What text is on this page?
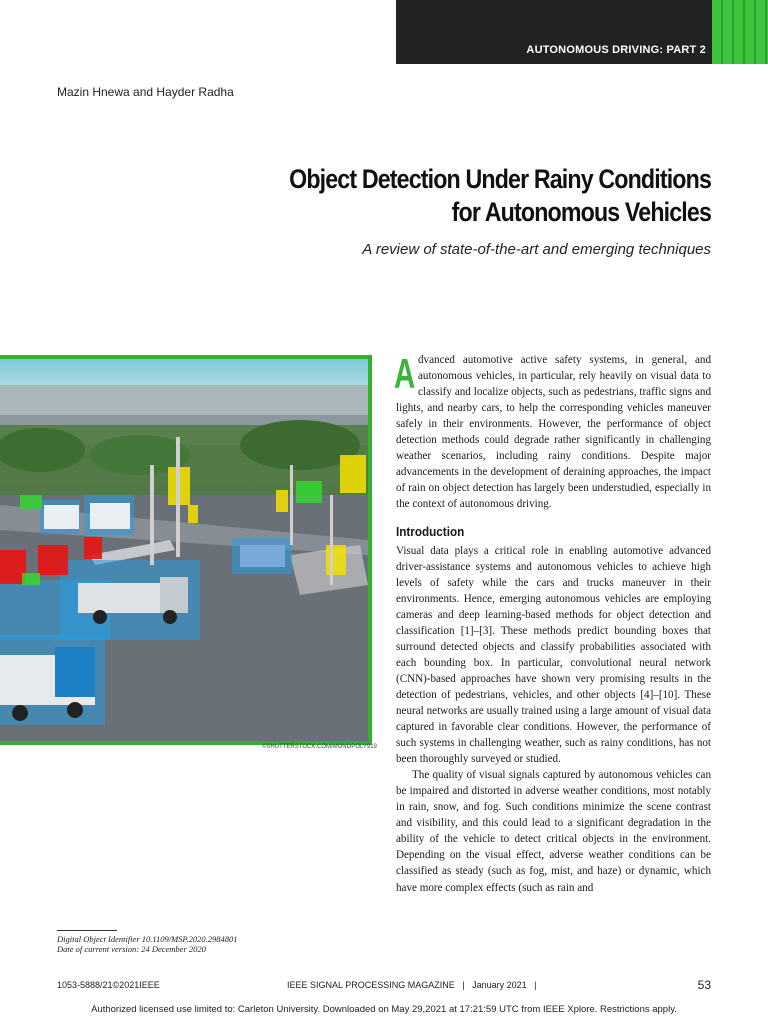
AUTONOMOUS DRIVING: PART 2
Mazin Hnewa and Hayder Radha
Object Detection Under Rainy Conditions
for Autonomous Vehicles
A review of state-of-the-art and emerging techniques
©SHUTTERSTOCK.COM/MONOPOLY919

Advanced automotive active safety systems, in general, and autonomous vehicles, in particular, rely heavily on visual data to classify and localize objects, such as pedestrians, traffic signs and lights, and nearby cars, to help the corresponding vehicles maneuver safely in their environments. However, the performance of object detection methods could degrade rather significantly in challenging weather scenarios, including rainy conditions. Despite major advancements in the development of deraining approaches, the impact of rain on object detection has largely been understudied, especially in the context of autonomous driving.

Introduction

Visual data plays a critical role in enabling automotive advanced driver-assistance systems and autonomous vehicles to achieve high levels of safety while the cars and trucks maneuver in their environments. Hence, emerging autonomous vehicles are employing cameras and deep learning-based methods for object detection and classification [1]–[3]. These methods predict bounding boxes that surround detected objects and classify probabilities associated with each bounding box. In particular, convolutional neural network (CNN)-based approaches have shown very promising results in the detection of pedestrians, vehicles, and other objects [4]–[10]. These neural networks are usually trained using a large amount of visual data captured in favorable clear conditions. However, the performance of such systems in challenging weather, such as rainy conditions, has not been thoroughly surveyed or studied.

The quality of visual signals captured by autonomous vehicles can be impaired and distorted in adverse weather conditions, most notably in rain, snow, and fog. Such conditions minimize the scene contrast and visibility, and this could lead to a significant degradation in the ability of the vehicle to detect critical objects in the environment. Depending on the visual effect, adverse weather conditions can be classified as steady (such as fog, mist, and haze) or dynamic, which have more complex effects (such as rain and

Digital Object Identifier 10.1109/MSP.2020.2984801
Date of current version: 24 December 2020
1053-5888/21©2021IEEE	IEEE SIGNAL PROCESSING MAGAZINE | January 2021 |	53
Authorized licensed use limited to: Carleton University. Downloaded on May 29,2021 at 17:21:59 UTC from IEEE Xplore. Restrictions apply.
